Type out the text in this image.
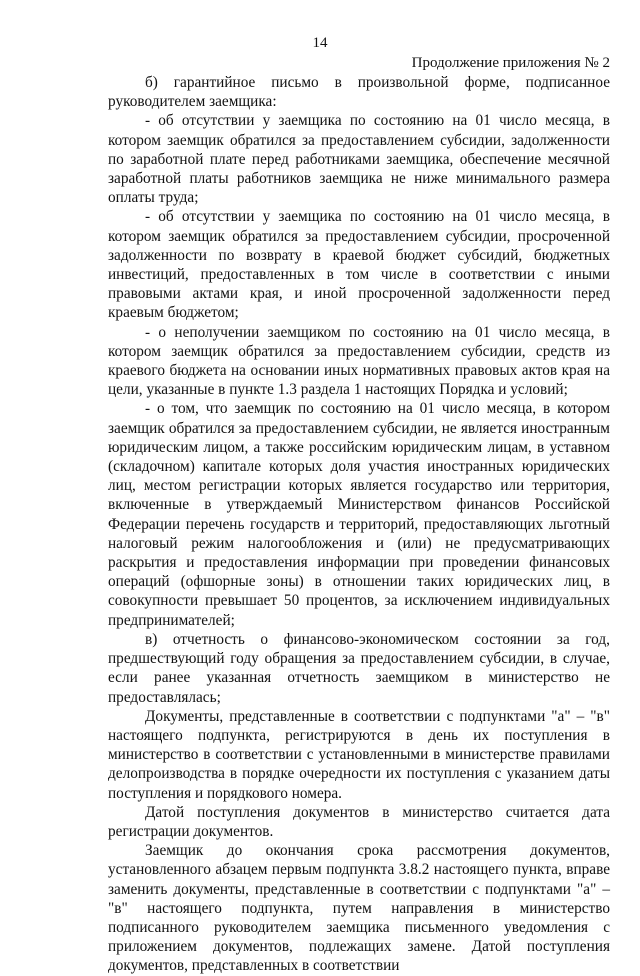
14
Продолжение приложения № 2

б) гарантийное письмо в произвольной форме, подписанное руководителем заемщика:

- об отсутствии у заемщика по состоянию на 01 число месяца, в котором заемщик обратился за предоставлением субсидии, задолженности по заработной плате перед работниками заемщика, обеспечение месячной заработной платы работников заемщика не ниже минимального размера оплаты труда;

- об отсутствии у заемщика по состоянию на 01 число месяца, в котором заемщик обратился за предоставлением субсидии, просроченной задолженности по возврату в краевой бюджет субсидий, бюджетных инвестиций, предоставленных в том числе в соответствии с иными правовыми актами края, и иной просроченной задолженности перед краевым бюджетом;

- о неполучении заемщиком по состоянию на 01 число месяца, в котором заемщик обратился за предоставлением субсидии, средств из краевого бюджета на основании иных нормативных правовых актов края на цели, указанные в пункте 1.3 раздела 1 настоящих Порядка и условий;

- о том, что заемщик по состоянию на 01 число месяца, в котором заемщик обратился за предоставлением субсидии, не является иностранным юридическим лицом, а также российским юридическим лицам, в уставном (складочном) капитале которых доля участия иностранных юридических лиц, местом регистрации которых является государство или территория, включенные в утверждаемый Министерством финансов Российской Федерации перечень государств и территорий, предоставляющих льготный налоговый режим налогообложения и (или) не предусматривающих раскрытия и предоставления информации при проведении финансовых операций (офшорные зоны) в отношении таких юридических лиц, в совокупности превышает 50 процентов, за исключением индивидуальных предпринимателей;

в) отчетность о финансово-экономическом состоянии за год, предшествующий году обращения за предоставлением субсидии, в случае, если ранее указанная отчетность заемщиком в министерство не предоставлялась;

Документы, представленные в соответствии с подпунктами "а" – "в" настоящего подпункта, регистрируются в день их поступления в министерство в соответствии с установленными в министерстве правилами делопроизводства в порядке очередности их поступления с указанием даты поступления и порядкового номера.

Датой поступления документов в министерство считается дата регистрации документов.

Заемщик до окончания срока рассмотрения документов, установленного абзацем первым подпункта 3.8.2 настоящего пункта, вправе заменить документы, представленные в соответствии с подпунктами "а" – "в" настоящего подпункта, путем направления в министерство подписанного руководителем заемщика письменного уведомления с приложением документов, подлежащих замене. Датой поступления документов, представленных в соответствии
